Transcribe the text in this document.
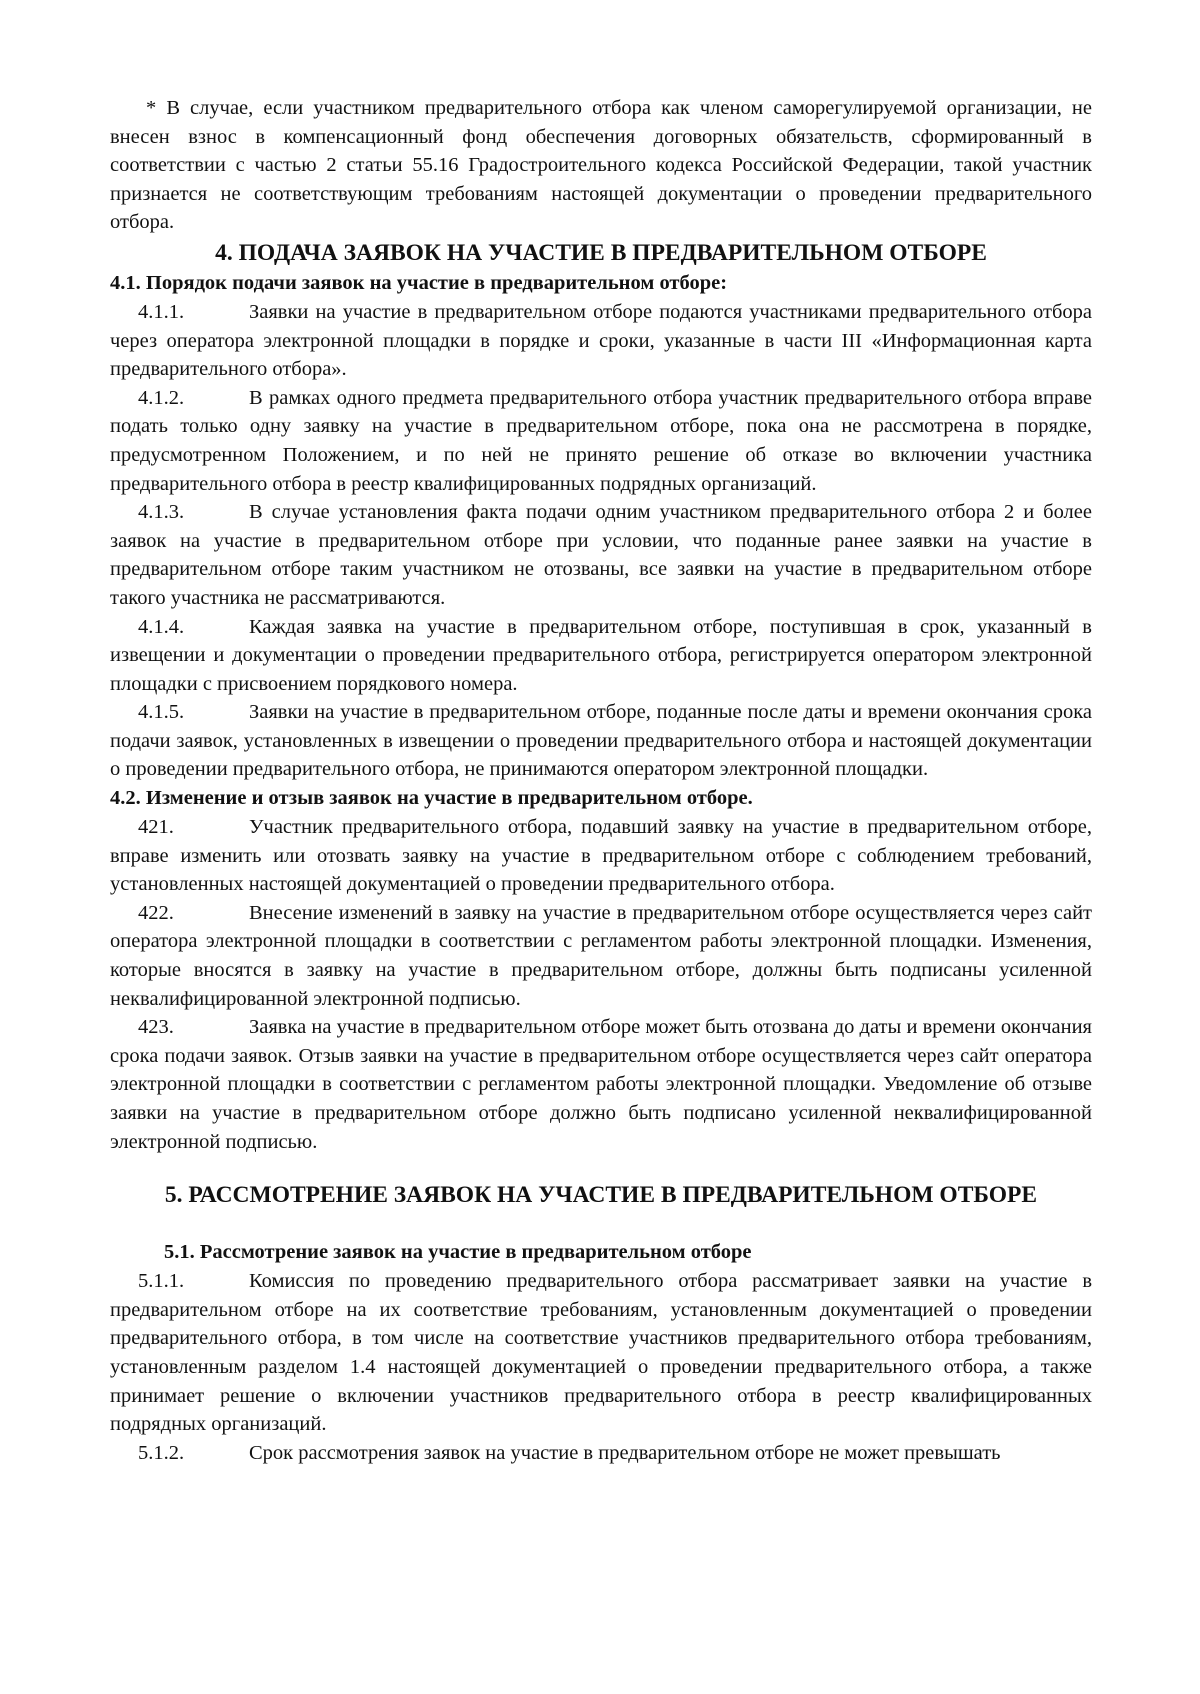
* В случае, если участником предварительного отбора как членом саморегулируемой организации, не внесен взнос в компенсационный фонд обеспечения договорных обязательств, сформированный в соответствии с частью 2 статьи 55.16 Градостроительного кодекса Российской Федерации, такой участник признается не соответствующим требованиям настоящей документации о проведении предварительного отбора.

4. ПОДАЧА ЗАЯВОК НА УЧАСТИЕ В ПРЕДВАРИТЕЛЬНОМ ОТБОРЕ
4.1. Порядок подачи заявок на участие в предварительном отборе:

4.1.1.	Заявки на участие в предварительном отборе подаются участниками предварительного отбора через оператора электронной площадки в порядке и сроки, указанные в части III «Информационная карта предварительного отбора».

4.1.2.	В рамках одного предмета предварительного отбора участник предварительного отбора вправе подать только одну заявку на участие в предварительном отборе, пока она не рассмотрена в порядке, предусмотренном Положением, и по ней не принято решение об отказе во включении участника предварительного отбора в реестр квалифицированных подрядных организаций.

4.1.3.	В случае установления факта подачи одним участником предварительного отбора 2 и более заявок на участие в предварительном отборе при условии, что поданные ранее заявки на участие в предварительном отборе таким участником не отозваны, все заявки на участие в предварительном отборе такого участника не рассматриваются.

4.1.4.	Каждая заявка на участие в предварительном отборе, поступившая в срок, указанный в извещении и документации о проведении предварительного отбора, регистрируется оператором электронной площадки с присвоением порядкового номера.

4.1.5.	Заявки на участие в предварительном отборе, поданные после даты и времени окончания срока подачи заявок, установленных в извещении о проведении предварительного отбора и настоящей документации о проведении предварительного отбора, не принимаются оператором электронной площадки.

4.2. Изменение и отзыв заявок на участие в предварительном отборе.

421.	Участник предварительного отбора, подавший заявку на участие в предварительном отборе, вправе изменить или отозвать заявку на участие в предварительном отборе с соблюдением требований, установленных настоящей документацией о проведении предварительного отбора.

422.	Внесение изменений в заявку на участие в предварительном отборе осуществляется через сайт оператора электронной площадки в соответствии с регламентом работы электронной площадки. Изменения, которые вносятся в заявку на участие в предварительном отборе, должны быть подписаны усиленной неквалифицированной электронной подписью.

423.	Заявка на участие в предварительном отборе может быть отозвана до даты и времени окончания срока подачи заявок. Отзыв заявки на участие в предварительном отборе осуществляется через сайт оператора электронной площадки в соответствии с регламентом работы электронной площадки. Уведомление об отзыве заявки на участие в предварительном отборе должно быть подписано усиленной неквалифицированной электронной подписью.

5. РАССМОТРЕНИЕ ЗАЯВОК НА УЧАСТИЕ В ПРЕДВАРИТЕЛЬНОМ ОТБОРЕ
5.1. Рассмотрение заявок на участие в предварительном отборе

5.1.1.	Комиссия по проведению предварительного отбора рассматривает заявки на участие в предварительном отборе на их соответствие требованиям, установленным документацией о проведении предварительного отбора, в том числе на соответствие участников предварительного отбора требованиям, установленным разделом 1.4 настоящей документацией о проведении предварительного отбора, а также принимает решение о включении участников предварительного отбора в реестр квалифицированных подрядных организаций.

5.1.2.	Срок рассмотрения заявок на участие в предварительном отборе не может превышать
